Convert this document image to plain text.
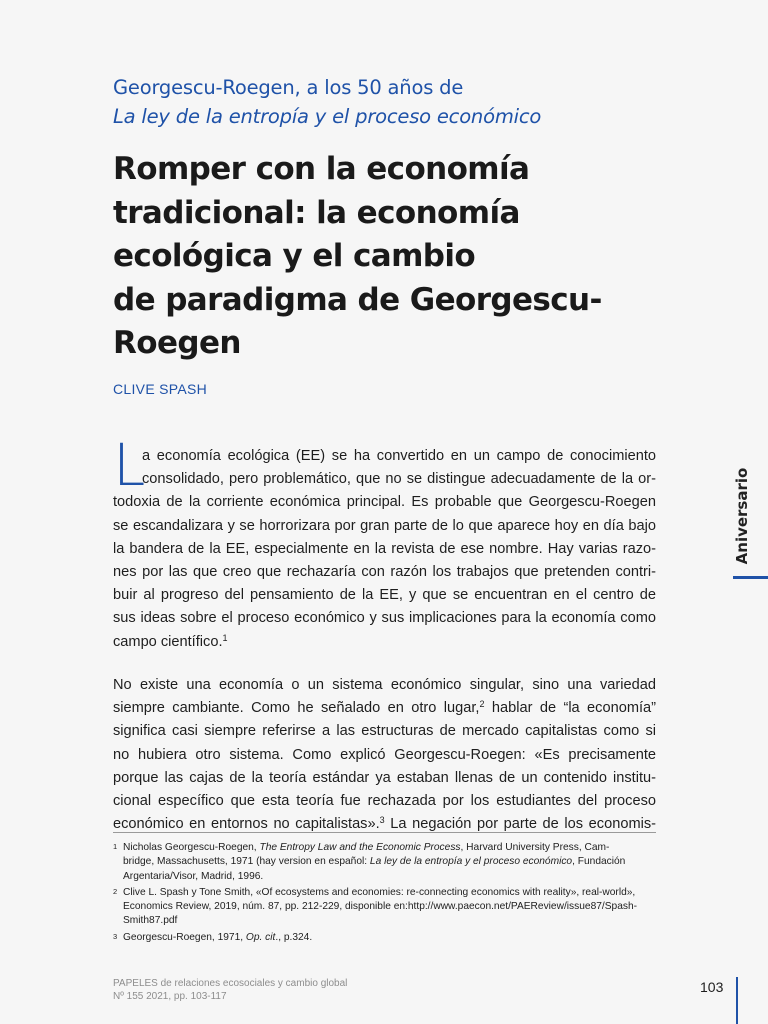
Georgescu-Roegen, a los 50 años de
La ley de la entropía y el proceso económico
Romper con la economía
tradicional: la economía
ecológica y el cambio
de paradigma de Georgescu-
Roegen
CLIVE SPASH
L
a economía ecológica (EE) se ha convertido en un campo de conocimiento
consolidado, pero problemático, que no se distingue adecuadamente de la or-
todoxia de la corriente económica principal. Es probable que Georgescu-Roegen
se escandalizara y se horrorizara por gran parte de lo que aparece hoy en día bajo
la bandera de la EE, especialmente en la revista de ese nombre. Hay varias razo-
nes por las que creo que rechazaría con razón los trabajos que pretenden contri-
buir al progreso del pensamiento de la EE, y que se encuentran en el centro de
sus ideas sobre el proceso económico y sus implicaciones para la economía como
campo científico.$^1$
No existe una economía o un sistema económico singular, sino una variedad
siempre cambiante. Como he señalado en otro lugar,$^2$ hablar de “la economía”
significa casi siempre referirse a las estructuras de mercado capitalistas como si
no hubiera otro sistema. Como explicó Georgescu-Roegen: «Es precisamente
porque las cajas de la teoría estándar ya estaban llenas de un contenido institu-
cional específico que esta teoría fue rechazada por los estudiantes del proceso
económico en entornos no capitalistas».$^3$ La negación por parte de los economis-
1 Nicholas Georgescu-Roegen, The Entropy Law and the Economic Process, Harvard University Press, Cam-
bridge, Massachusetts, 1971 (hay version en español: La ley de la entropía y el proceso económico, Fundación
Argentaria/Visor, Madrid, 1996.
2 Clive L. Spash y Tone Smith, «Of ecosystems and economies: re-connecting economics with reality», real-world»,
Economics Review, 2019, núm. 87, pp. 212-229, disponible en:http://www.paecon.net/PAEReview/issue87/Spash-
Smith87.pdf
3 Georgescu-Roegen, 1971, Op. cit., p.324.
Aniversario
PAPELES de relaciones ecosociales y cambio global
Nº 155 2021, pp. 103-117
103
